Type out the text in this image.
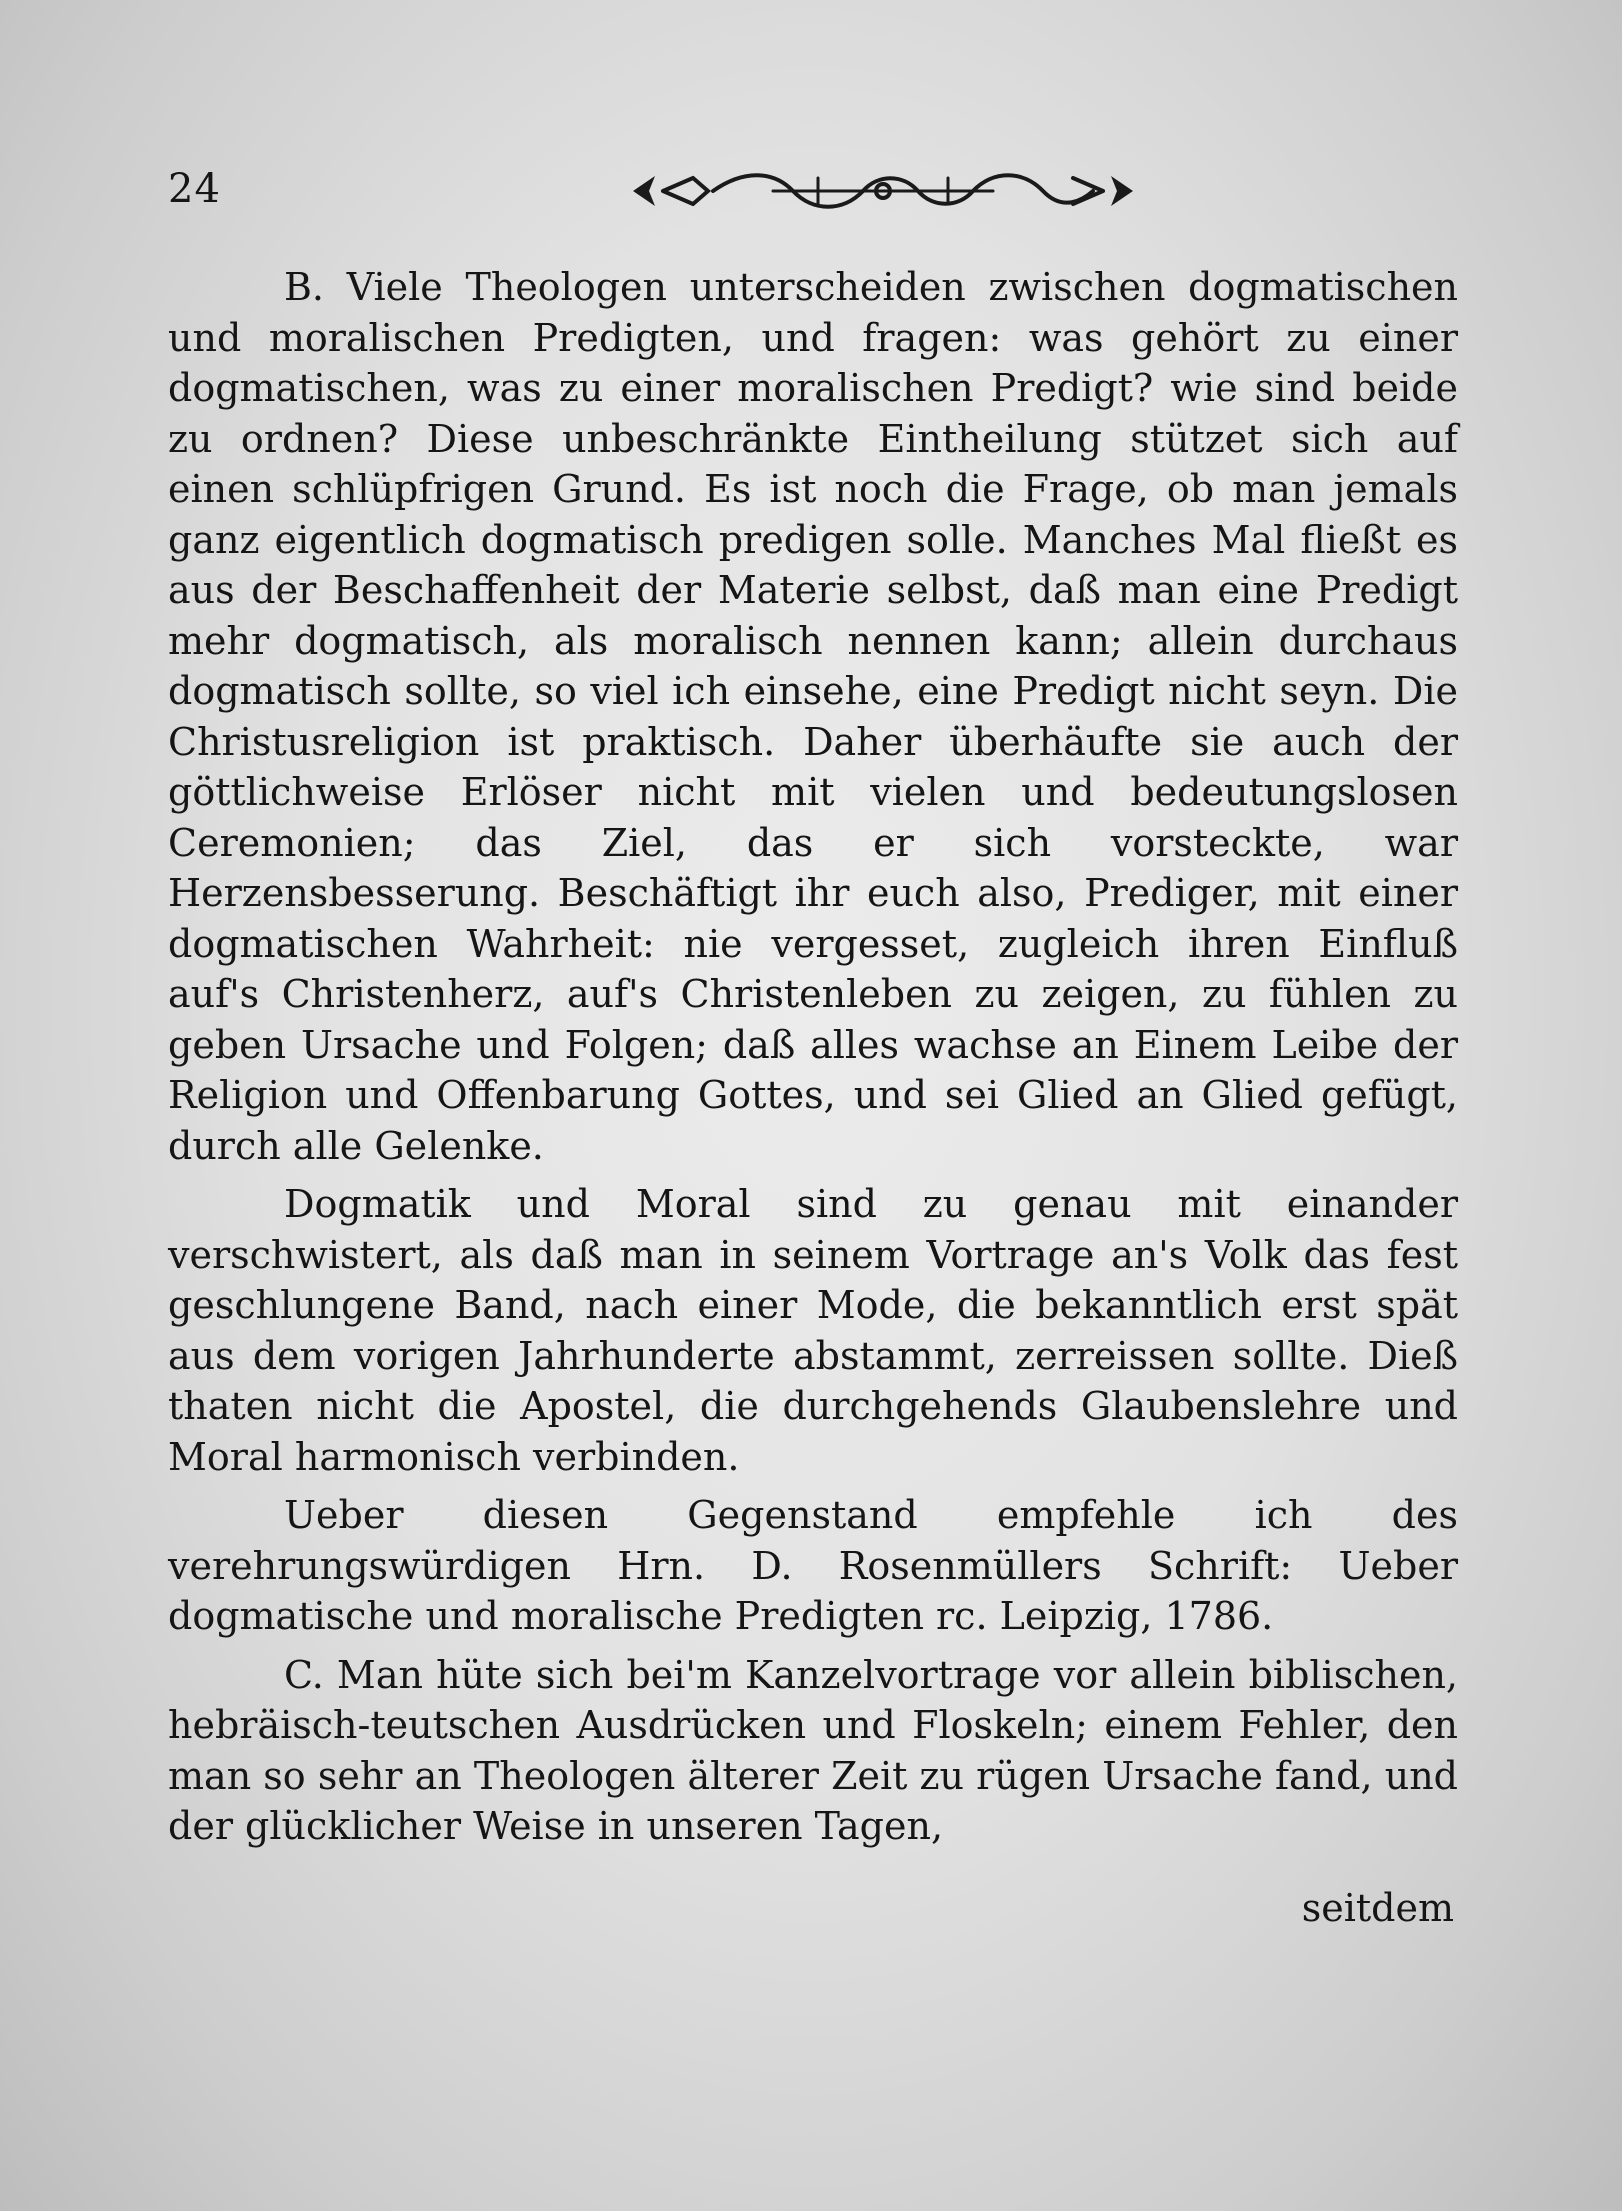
24

B. Viele Theologen unterscheiden zwischen dogmatischen und moralischen Predigten, und fragen: was gehört zu einer dogmatischen, was zu einer moralischen Predigt? wie sind beide zu ordnen? Diese unbeschränkte Eintheilung stützet sich auf einen schlüpfrigen Grund. Es ist noch die Frage, ob man jemals ganz eigentlich dogmatisch predigen solle. Manches Mal fließt es aus der Beschaffenheit der Materie selbst, daß man eine Predigt mehr dogmatisch, als moralisch nennen kann; allein durchaus dogmatisch sollte, so viel ich einsehe, eine Predigt nicht seyn. Die Christusreligion ist praktisch. Daher überhäufte sie auch der göttlichweise Erlöser nicht mit vielen und bedeutungslosen Ceremonien; das Ziel, das er sich vorsteckte, war Herzensbesserung. Beschäftigt ihr euch also, Prediger, mit einer dogmatischen Wahrheit: nie vergesset, zugleich ihren Einfluß auf's Christenherz, auf's Christenleben zu zeigen, zu fühlen zu geben Ursache und Folgen; daß alles wachse an Einem Leibe der Religion und Offenbarung Gottes, und sei Glied an Glied gefügt, durch alle Gelenke.

Dogmatik und Moral sind zu genau mit einander verschwistert, als daß man in seinem Vortrage an's Volk das fest geschlungene Band, nach einer Mode, die bekanntlich erst spät aus dem vorigen Jahrhunderte abstammt, zerreissen sollte. Dieß thaten nicht die Apostel, die durchgehends Glaubenslehre und Moral harmonisch verbinden.

Ueber diesen Gegenstand empfehle ich des verehrungswürdigen Hrn. D. Rosenmüllers Schrift: Ueber dogmatische und moralische Predigten rc. Leipzig, 1786.

C. Man hüte sich bei'm Kanzelvortrage vor allein biblischen, hebräisch-teutschen Ausdrücken und Floskeln; einem Fehler, den man so sehr an Theologen älterer Zeit zu rügen Ursache fand, und der glücklicher Weise in unseren Tagen,

seitdem
